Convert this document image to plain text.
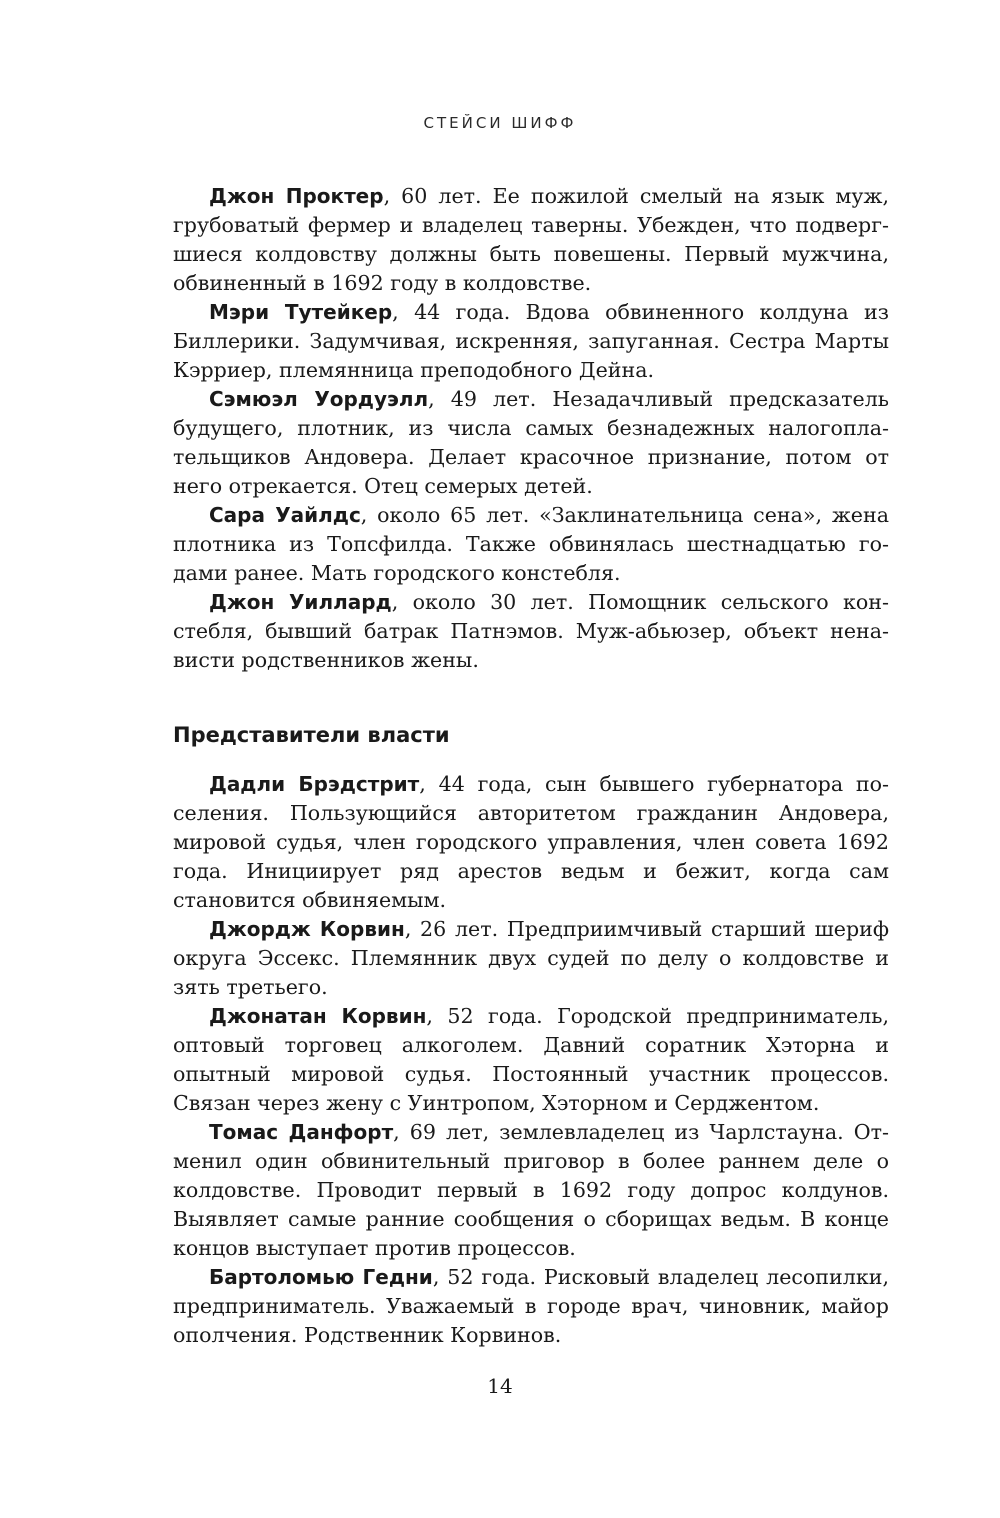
СТЕЙСИ ШИФФ

Джон Проктер, 60 лет. Ее пожилой смелый на язык муж, грубоватый фермер и владелец таверны. Убежден, что подвергшиеся колдовству должны быть повешены. Первый мужчина, обвиненный в 1692 году в колдовстве.

Мэри Тутейкер, 44 года. Вдова обвиненного колдуна из Биллерики. Задумчивая, искренняя, запуганная. Сестра Марты Кэрриер, племянница преподобного Дейна.

Сэмюэл Уордуэлл, 49 лет. Незадачливый предсказатель будущего, плотник, из числа самых безнадежных налогоплательщиков Андовера. Делает красочное признание, потом от него отрекается. Отец семерых детей.

Сара Уайлдс, около 65 лет. «Заклинательница сена», жена плотника из Топсфилда. Также обвинялась шестнадцатью годами ранее. Мать городского констебля.

Джон Уиллард, около 30 лет. Помощник сельского констебля, бывший батрак Патнэмов. Муж-абьюзер, объект ненависти родственников жены.

Представители власти

Дадли Брэдстрит, 44 года, сын бывшего губернатора поселения. Пользующийся авторитетом гражданин Андовера, мировой судья, член городского управления, член совета 1692 года. Инициирует ряд арестов ведьм и бежит, когда сам становится обвиняемым.

Джордж Корвин, 26 лет. Предприимчивый старший шериф округа Эссекс. Племянник двух судей по делу о колдовстве и зять третьего.

Джонатан Корвин, 52 года. Городской предприниматель, оптовый торговец алкоголем. Давний соратник Хэторна и опытный мировой судья. Постоянный участник процессов. Связан через жену с Уинтропом, Хэторном и Серджентом.

Томас Данфорт, 69 лет, землевладелец из Чарлстауна. Отменил один обвинительный приговор в более раннем деле о колдовстве. Проводит первый в 1692 году допрос колдунов. Выявляет самые ранние сообщения о сборищах ведьм. В конце концов выступает против процессов.

Бартоломью Гедни, 52 года. Рисковый владелец лесопилки, предприниматель. Уважаемый в городе врач, чиновник, майор ополчения. Родственник Корвинов.

14
